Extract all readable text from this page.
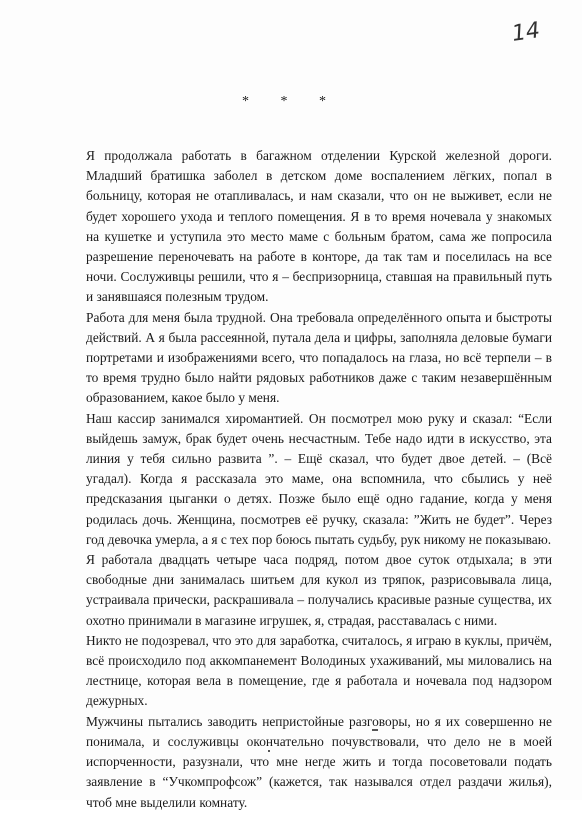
14
* * *

Я продолжала работать в багажном отделении Курской железной дороги. Младший братишка заболел в детском доме воспалением лёгких, попал в больницу, которая не отапливалась, и нам сказали, что он не выживет, если не будет хорошего ухода и теплого помещения. Я в то время ночевала у знакомых на кушетке и уступила это место маме с больным братом, сама же попросила разрешение переночевать на работе в конторе, да так там и поселилась на все ночи. Сослуживцы решили, что я – беспризорница, ставшая на правильный путь и занявшаяся полезным трудом.

Работа для меня была трудной. Она требовала определённого опыта и быстроты действий. А я была рассеянной, путала дела и цифры, заполняла деловые бумаги портретами и изображениями всего, что попадалось на глаза, но всё терпели – в то время трудно было найти рядовых работников даже с таким незавершённым образованием, какое было у меня.

Наш кассир занимался хиромантией. Он посмотрел мою руку и сказал: “Если выйдешь замуж, брак будет очень несчастным. Тебе надо идти в искусство, эта линия у тебя сильно развита ”. – Ещё сказал, что будет двое детей. – (Всё угадал). Когда я рассказала это маме, она вспомнила, что сбылись у неё предсказания цыганки о детях. Позже было ещё одно гадание, когда у меня родилась дочь. Женщина, посмотрев её ручку, сказала: ”Жить не будет”. Через год девочка умерла, а я с тех пор боюсь пытать судьбу, рук никому не показываю.

Я работала двадцать четыре часа подряд, потом двое суток отдыхала; в эти свободные дни занималась шитьем для кукол из тряпок, разрисовывала лица, устраивала прически, раскрашивала – получались красивые разные существа, их охотно принимали в магазине игрушек, я, страдая, расставалась с ними.

Никто не подозревал, что это для заработка, считалось, я играю в куклы, причём, всё происходило под аккомпанемент Володиных ухаживаний, мы миловались на лестнице, которая вела в помещение, где я работала и ночевала под надзором дежурных.

Мужчины пытались заводить непристойные разговоры, но я их совершенно не понимала, и сослуживцы окончательно почувствовали, что дело не в моей испорченности, разузнали, что мне негде жить и тогда посоветовали подать заявление в “Учкомпрофсож” (кажется, так назывался отдел раздачи жилья), чтоб мне выделили комнату.
